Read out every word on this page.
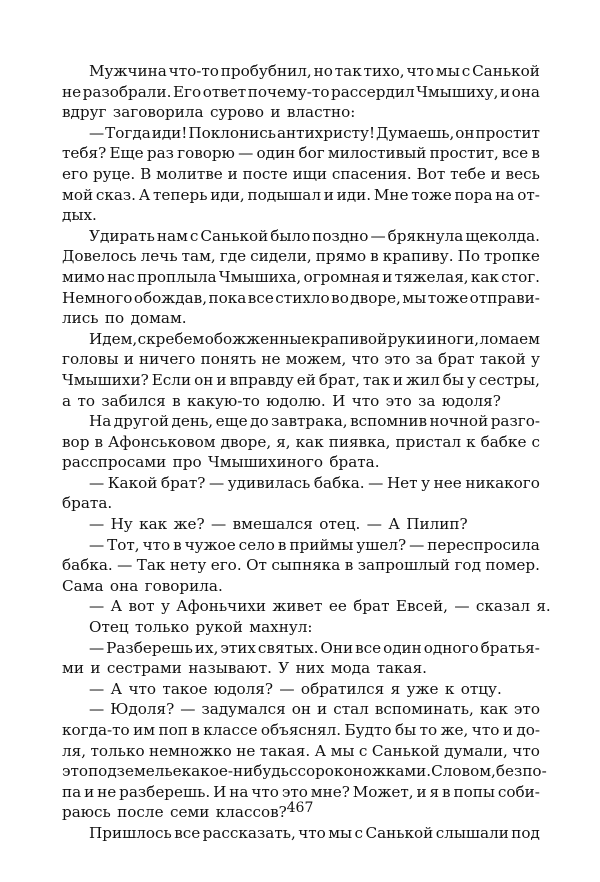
Мужчина что-то пробубнил, но так тихо, что мы с Санькой
не разобрали. Его ответ почему-то рассердил Чмышиху, и она
вдруг заговорила сурово и властно:
— Тогда иди! Поклонись антихристу! Думаешь, он простит
тебя? Еще раз говорю — один бог милостивый простит, все в
его руце. В молитве и посте ищи спасения. Вот тебе и весь
мой сказ. А теперь иди, подышал и иди. Мне тоже пора на от-
дых.
Удирать нам с Санькой было поздно — брякнула щеколда.
Довелось лечь там, где сидели, прямо в крапиву. По тропке
мимо нас проплыла Чмышиха, огромная и тяжелая, как стог.
Немного обождав, пока все стихло во дворе, мы тоже отправи-
лись по домам.
Идем, скребем обожженные крапивой руки и ноги, ломаем
головы и ничего понять не можем, что это за брат такой у
Чмышихи? Если он и вправду ей брат, так и жил бы у сестры,
а то забился в какую-то юдолю. И что это за юдоля?
На другой день, еще до завтрака, вспомнив ночной разго-
вор в Афонськовом дворе, я, как пиявка, пристал к бабке с
расспросами про Чмышихиного брата.
— Какой брат? — удивилась бабка. — Нет у нее никакого
брата.
— Ну как же? — вмешался отец. — А Пилип?
— Тот, что в чужое село в приймы ушел? — переспросила
бабка. — Так нету его. От сыпняка в запрошлый год помер.
Сама она говорила.
— А вот у Афоньчихи живет ее брат Евсей, — сказал я.
Отец только рукой махнул:
— Разберешь их, этих святых. Они все один одного братья-
ми и сестрами называют. У них мода такая.
— А что такое юдоля? — обратился я уже к отцу.
— Юдоля? — задумался он и стал вспоминать, как это
когда-то им поп в классе объяснял. Будто бы то же, что и до-
ля, только немножко не такая. А мы с Санькой думали, что
это подземелье какое-нибудь с сороконожками. Словом, без по-
па и не разберешь. И на что это мне? Может, и я в попы соби-
раюсь после семи классов?
Пришлось все рассказать, что мы с Санькой слышали под
467
